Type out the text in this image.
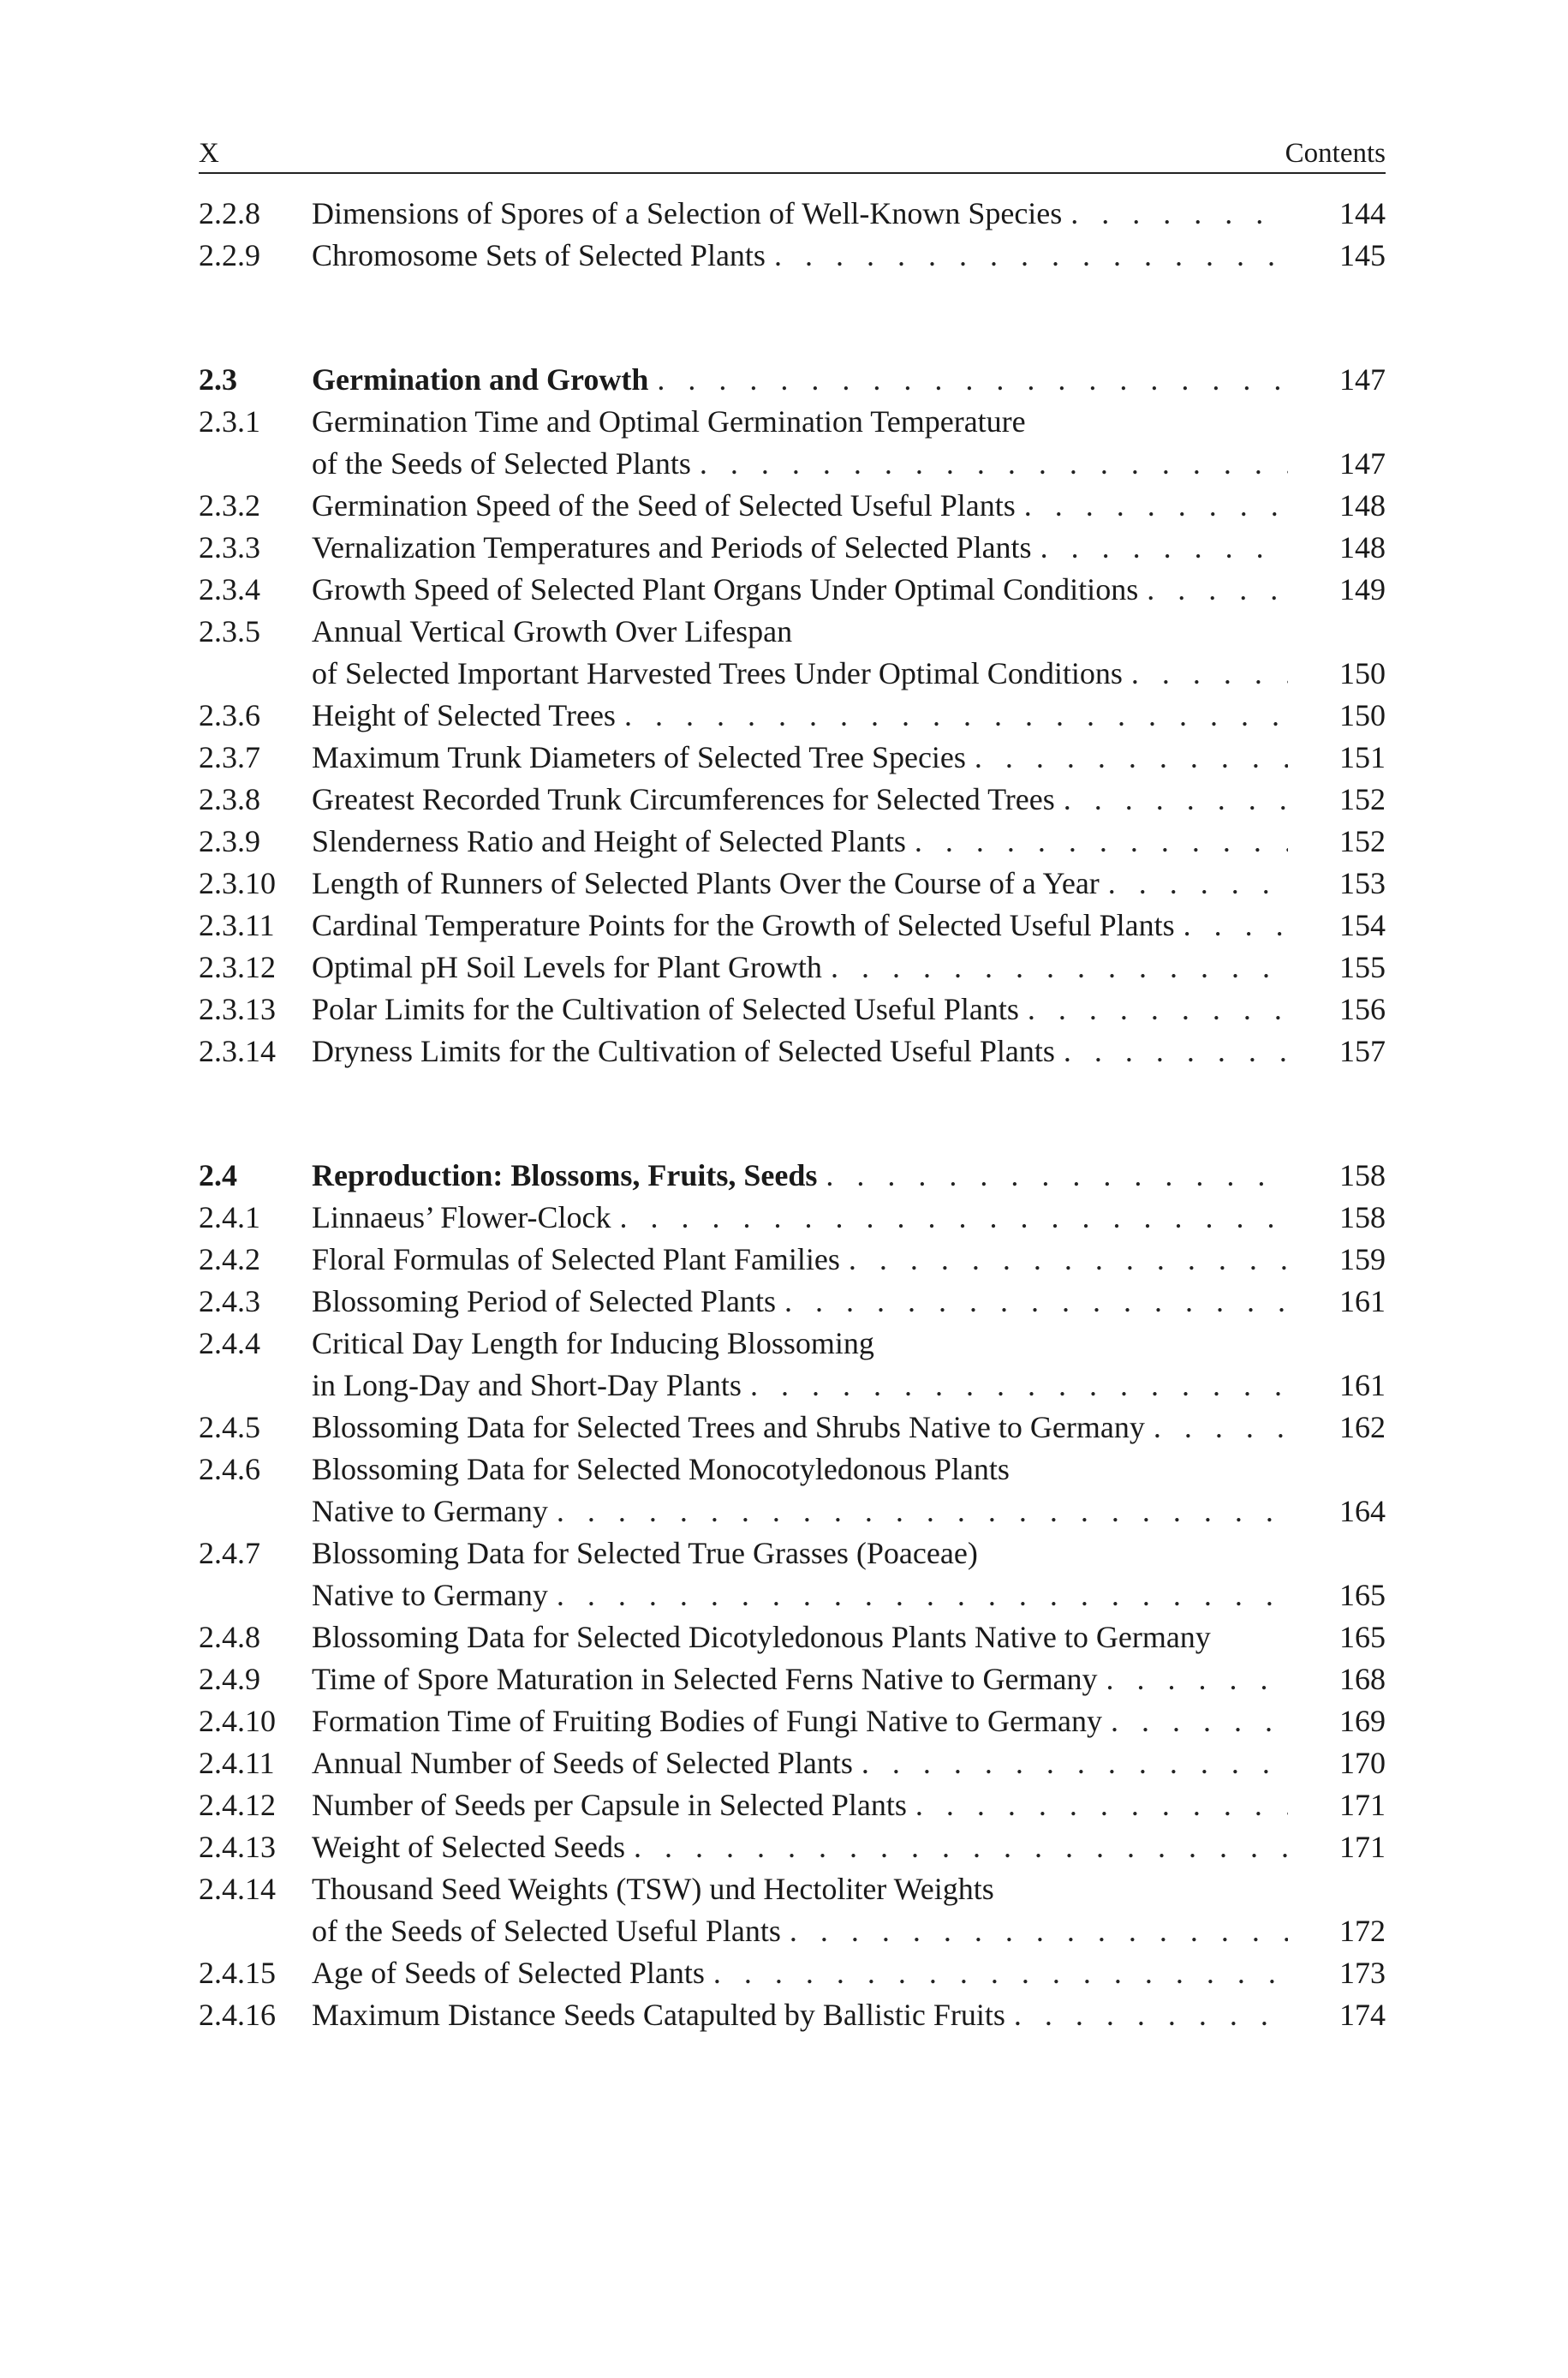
X	Contents
2.2.8 Dimensions of Spores of a Selection of Well-Known Species . . .	144
2.2.9 Chromosome Sets of Selected Plants . . .	145
2.3 Germination and Growth . . .	147
2.3.1 Germination Time and Optimal Germination Temperature
of the Seeds of Selected Plants . . .	147
2.3.2 Germination Speed of the Seed of Selected Useful Plants . . .	148
2.3.3 Vernalization Temperatures and Periods of Selected Plants . . .	148
2.3.4 Growth Speed of Selected Plant Organs Under Optimal Conditions . . .	149
2.3.5 Annual Vertical Growth Over Lifespan
of Selected Important Harvested Trees Under Optimal Conditions . . .	150
2.3.6 Height of Selected Trees . . .	150
2.3.7 Maximum Trunk Diameters of Selected Tree Species . . .	151
2.3.8 Greatest Recorded Trunk Circumferences for Selected Trees . . .	152
2.3.9 Slenderness Ratio and Height of Selected Plants . . .	152
2.3.10 Length of Runners of Selected Plants Over the Course of a Year . . .	153
2.3.11 Cardinal Temperature Points for the Growth of Selected Useful Plants . . .	154
2.3.12 Optimal pH Soil Levels for Plant Growth . . .	155
2.3.13 Polar Limits for the Cultivation of Selected Useful Plants . . .	156
2.3.14 Dryness Limits for the Cultivation of Selected Useful Plants . . .	157
2.4 Reproduction: Blossoms, Fruits, Seeds . . .	158
2.4.1 Linnaeus’ Flower-Clock . . .	158
2.4.2 Floral Formulas of Selected Plant Families . . .	159
2.4.3 Blossoming Period of Selected Plants . . .	161
2.4.4 Critical Day Length for Inducing Blossoming
in Long-Day and Short-Day Plants . . .	161
2.4.5 Blossoming Data for Selected Trees and Shrubs Native to Germany . . .	162
2.4.6 Blossoming Data for Selected Monocotyledonous Plants
Native to Germany . . .	164
2.4.7 Blossoming Data for Selected True Grasses (Poaceae)
Native to Germany . . .	165
2.4.8 Blossoming Data for Selected Dicotyledonous Plants Native to Germany	165
2.4.9 Time of Spore Maturation in Selected Ferns Native to Germany . . .	168
2.4.10 Formation Time of Fruiting Bodies of Fungi Native to Germany . . .	169
2.4.11 Annual Number of Seeds of Selected Plants . . .	170
2.4.12 Number of Seeds per Capsule in Selected Plants . . .	171
2.4.13 Weight of Selected Seeds . . .	171
2.4.14 Thousand Seed Weights (TSW) und Hectoliter Weights
of the Seeds of Selected Useful Plants . . .	172
2.4.15 Age of Seeds of Selected Plants . . .	173
2.4.16 Maximum Distance Seeds Catapulted by Ballistic Fruits . . .	174
